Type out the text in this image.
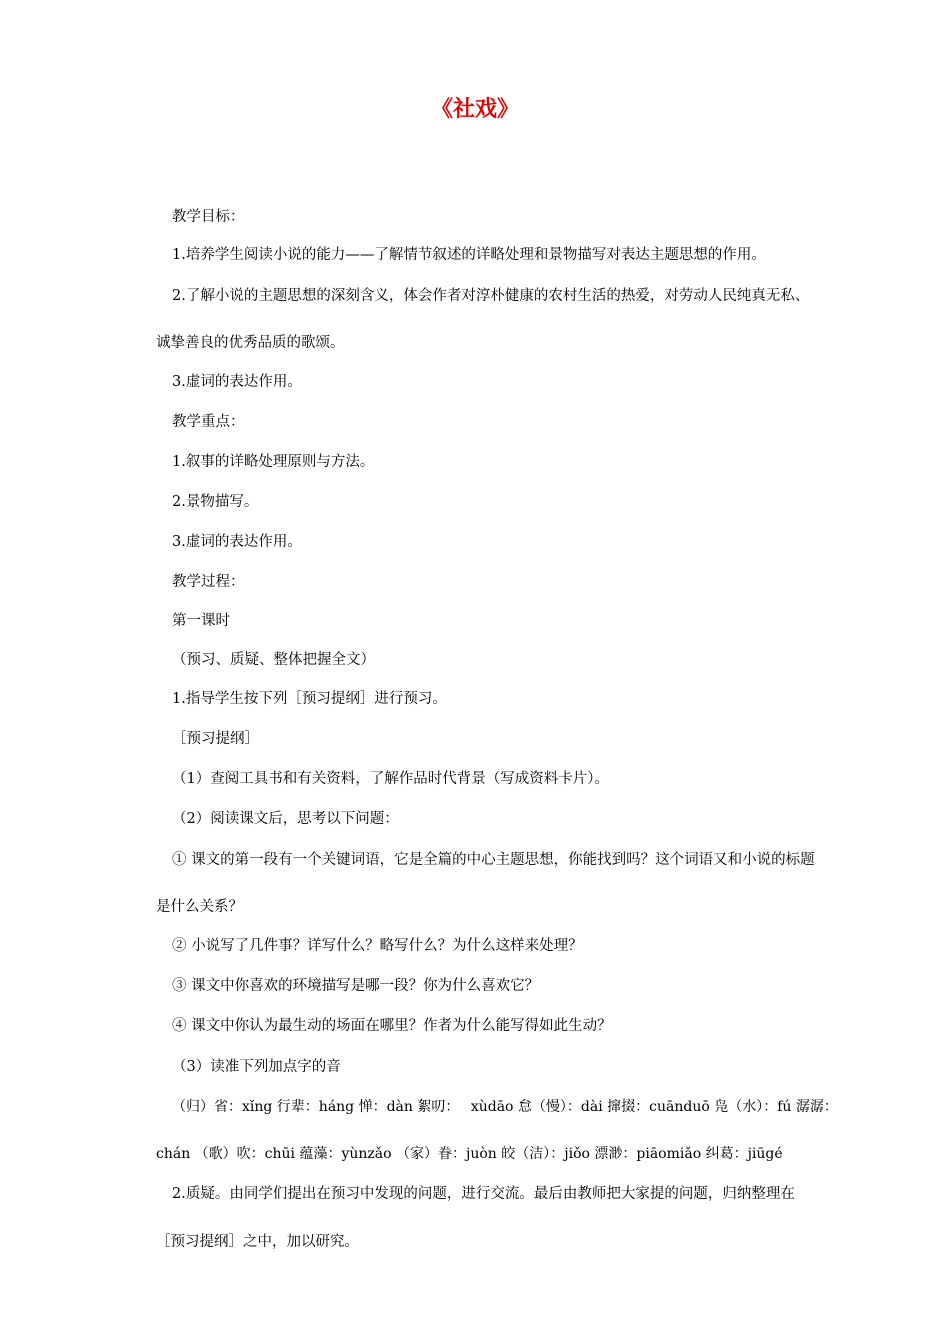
《社戏》
教学目标：
1.培养学生阅读小说的能力——了解情节叙述的详略处理和景物描写对表达主题思想的作用。
2.了解小说的主题思想的深刻含义，体会作者对淳朴健康的农村生活的热爱，对劳动人民纯真无私、
诚挚善良的优秀品质的歌颂。
3.虚词的表达作用。
教学重点：
1.叙事的详略处理原则与方法。
2.景物描写。
3.虚词的表达作用。
教学过程：
第一课时
（预习、质疑、整体把握全文）
1.指导学生按下列［预习提纲］进行预习。
［预习提纲］
（1）查阅工具书和有关资料，了解作品时代背景（写成资料卡片）。
（2）阅读课文后，思考以下问题：
① 课文的第一段有一个关键词语，它是全篇的中心主题思想，你能找到吗？这个词语又和小说的标题
是什么关系？
② 小说写了几件事？详写什么？略写什么？为什么这样来处理？
③ 课文中你喜欢的环境描写是哪一段？你为什么喜欢它？
④ 课文中你认为最生动的场面在哪里？作者为什么能写得如此生动？
（3）读准下列加点字的音
（归）省：xǐng 行辈：háng 惮：dàn 絮叨：　 xùdāo 怠（慢）：dài 撺掇：cuānduō 凫（水）：fú 潺潺：
chán （歌）吹：chūi 蕴藻：yùnzǎo （家）眷：juòn 皎（洁）：jiǒo 漂渺：piāomiǎo 纠葛：jiūgé
2.质疑。由同学们提出在预习中发现的问题，进行交流。最后由教师把大家提的问题，归纳整理在
［预习提纲］之中，加以研究。
